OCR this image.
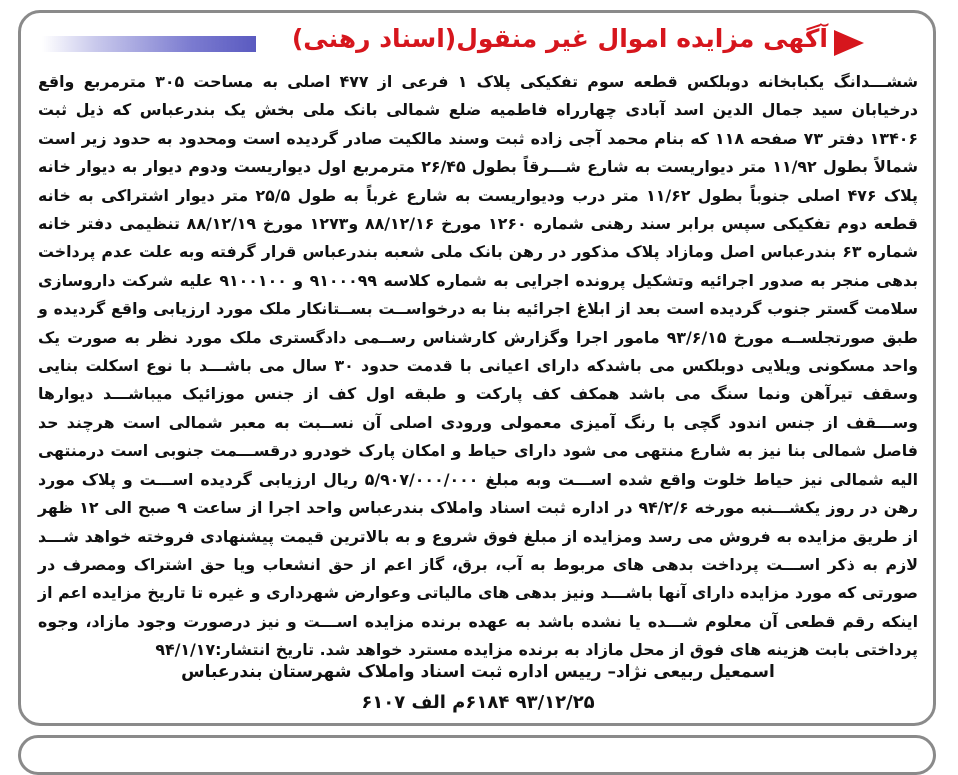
آگهی مزایده اموال غیر منقول(اسناد رهنی)

ششـــدانگ یکبابخانه دوبلکس قطعه سوم تفکیکی پلاک ۱ فرعی از ۴۷۷ اصلی به مساحت ۳۰۵ مترمربع واقع درخیابان سید جمال الدین اسد آبادی چهارراه فاطمیه ضلع شمالی بانک ملی بخش یک بندرعباس که ذیل ثبت ۱۳۴۰۶ دفتر ۷۳ صفحه ۱۱۸ که بنام محمد آجی زاده ثبت وسند مالکیت صادر گردیده است ومحدود به حدود زیر است شمالاً بطول ۱۱/۹۲ متر دیواریست به شارع شـــرقاً بطول ۲۶/۴۵ مترمربع اول دیواریست ودوم دیوار به دیوار خانه پلاک ۴۷۶ اصلی جنوباً بطول ۱۱/۶۲ متر درب ودیواریست به شارع غرباً به طول ۲۵/۵ متر دیوار اشتراکی به خانه قطعه دوم تفکیکی سپس برابر سند رهنی شماره ۱۲۶۰ مورخ ۸۸/۱۲/۱۶ و۱۲۷۳ مورخ ۸۸/۱۲/۱۹ تنظیمی دفتر خانه شماره ۶۳ بندرعباس اصل ومازاد پلاک مذکور در رهن بانک ملی شعبه بندرعباس قرار گرفته وبه علت عدم پرداخت بدهی منجر به صدور اجرائیه وتشکیل پرونده اجرایی به شماره کلاسه ۹۱۰۰۰۹۹ و ۹۱۰۰۱۰۰ علیه شرکت داروسازی سلامت گستر جنوب گردیده است بعد از ابلاغ اجرائیه بنا به درخواســت بســتانکار ملک مورد ارزیابی واقع گردیده و طبق صورتجلســه مورخ ۹۳/۶/۱۵ مامور اجرا وگزارش کارشناس رســمی دادگستری ملک مورد نظر به صورت یک واحد مسکونی ویلایی دوبلکس می باشدکه دارای اعیانی با قدمت حدود ۳۰ سال می باشـــد با نوع اسکلت بنایی وسقف تیرآهن ونما سنگ می باشد همکف کف پارکت و طبقه اول کف از جنس موزائیک میباشـــد دیوارها وســـقف از جنس اندود گچی با رنگ آمیزی معمولی ورودی اصلی آن نســبت به معبر شمالی است هرچند حد فاصل شمالی بنا نیز به شارع منتهی می شود دارای حیاط و امکان پارک خودرو درقســـمت جنوبی است درمنتهی الیه شمالی نیز حیاط خلوت واقع شده اســـت وبه مبلغ ۵/۹۰۷/۰۰۰/۰۰۰ ریال ارزیابی گردیده اســـت و پلاک مورد رهن در روز یکشـــنبه مورخه ۹۴/۲/۶ در اداره ثبت اسناد واملاک بندرعباس واحد اجرا از ساعت ۹ صبح الی ۱۲ ظهر از طریق مزایده به فروش می رسد ومزایده از مبلغ فوق شروع و به بالاترین قیمت پیشنهادی فروخته خواهد شـــد لازم به ذکر اســـت پرداخت بدهی های مربوط به آب، برق، گاز اعم از حق انشعاب ویا حق اشتراک ومصرف در صورتی که مورد مزایده دارای آنها باشـــد ونیز بدهی های مالیاتی وعوارض شهرداری و غیره تا تاریخ مزایده اعم از اینکه رقم قطعی آن معلوم شـــده یا نشده باشد به عهده برنده مزایده اســـت و نیز درصورت وجود مازاد، وجوه پرداختی بابت هزینه های فوق از محل مازاد به برنده مزایده مسترد خواهد شد. تاریخ انتشار:۹۴/۱/۱۷

اسمعیل ربیعی نژاد– رییس اداره ثبت اسناد واملاک شهرستان بندرعباس

۹۳/۱۲/۲۵ ۶۱۸۴م الف ۶۱۰۷
